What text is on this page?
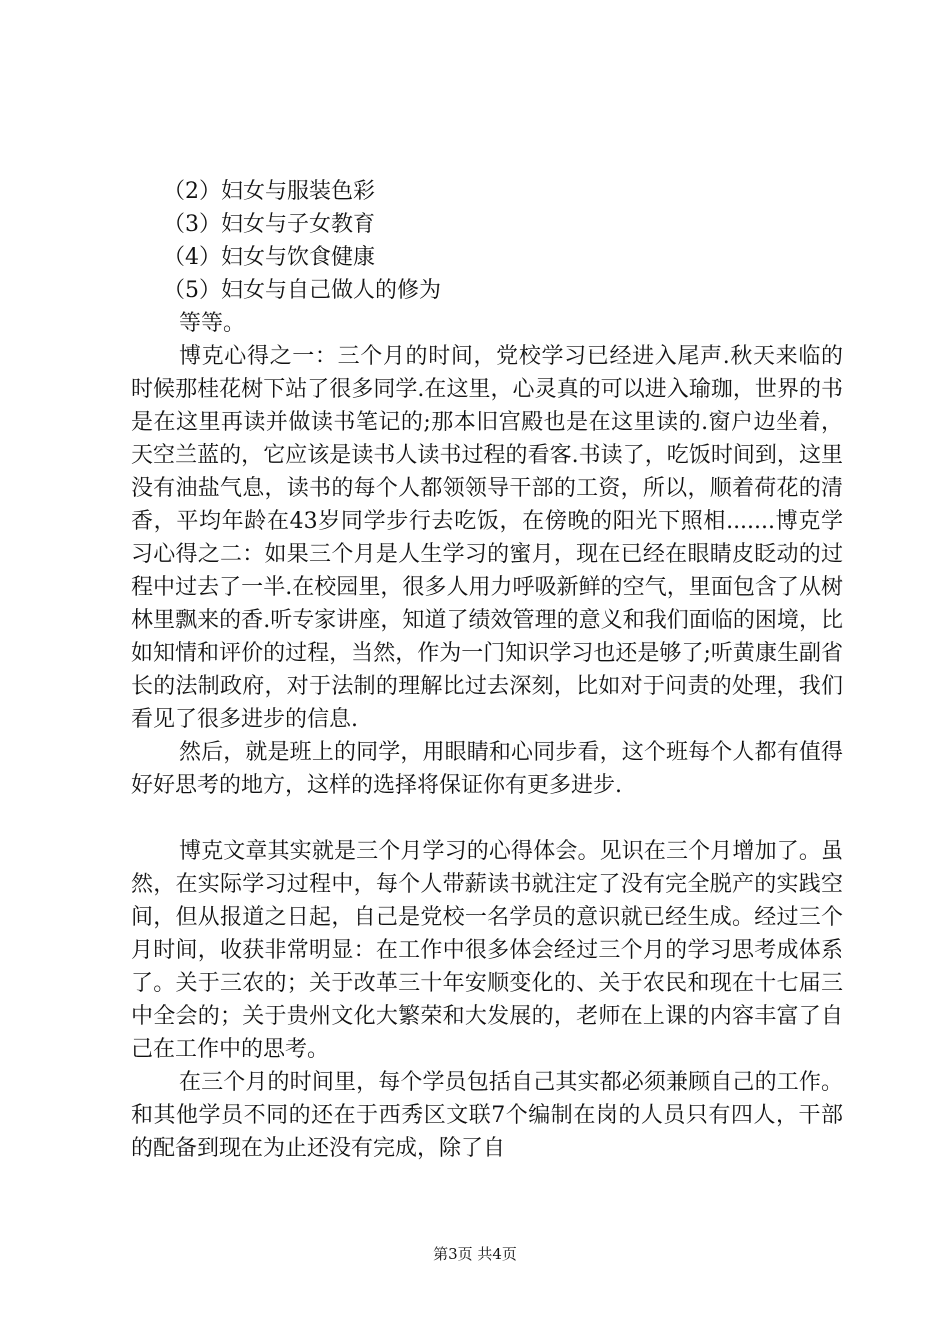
（2）妇女与服装色彩

（3）妇女与子女教育

（4）妇女与饮食健康

（5）妇女与自己做人的修为

等等。

博克心得之一：三个月的时间，党校学习已经进入尾声.秋天来临的时候那桂花树下站了很多同学.在这里，心灵真的可以进入瑜珈，世界的书是在这里再读并做读书笔记的;那本旧宫殿也是在这里读的.窗户边坐着，天空兰蓝的，它应该是读书人读书过程的看客.书读了，吃饭时间到，这里没有油盐气息，读书的每个人都领领导干部的工资，所以，顺着荷花的清香，平均年龄在43岁同学步行去吃饭，在傍晚的阳光下照相.......博克学习心得之二：如果三个月是人生学习的蜜月，现在已经在眼睛皮眨动的过程中过去了一半.在校园里，很多人用力呼吸新鲜的空气，里面包含了从树林里飘来的香.听专家讲座，知道了绩效管理的意义和我们面临的困境，比如知情和评价的过程，当然，作为一门知识学习也还是够了;听黄康生副省长的法制政府，对于法制的理解比过去深刻，比如对于问责的处理，我们看见了很多进步的信息.

然后，就是班上的同学，用眼睛和心同步看，这个班每个人都有值得好好思考的地方，这样的选择将保证你有更多进步.

博克文章其实就是三个月学习的心得体会。见识在三个月增加了。虽然，在实际学习过程中，每个人带薪读书就注定了没有完全脱产的实践空间，但从报道之日起，自己是党校一名学员的意识就已经生成。经过三个月时间，收获非常明显：在工作中很多体会经过三个月的学习思考成体系了。关于三农的；关于改革三十年安顺变化的、关于农民和现在十七届三中全会的；关于贵州文化大繁荣和大发展的，老师在上课的内容丰富了自己在工作中的思考。

在三个月的时间里，每个学员包括自己其实都必须兼顾自己的工作。和其他学员不同的还在于西秀区文联7个编制在岗的人员只有四人，干部的配备到现在为止还没有完成，除了自

第3页 共4页
